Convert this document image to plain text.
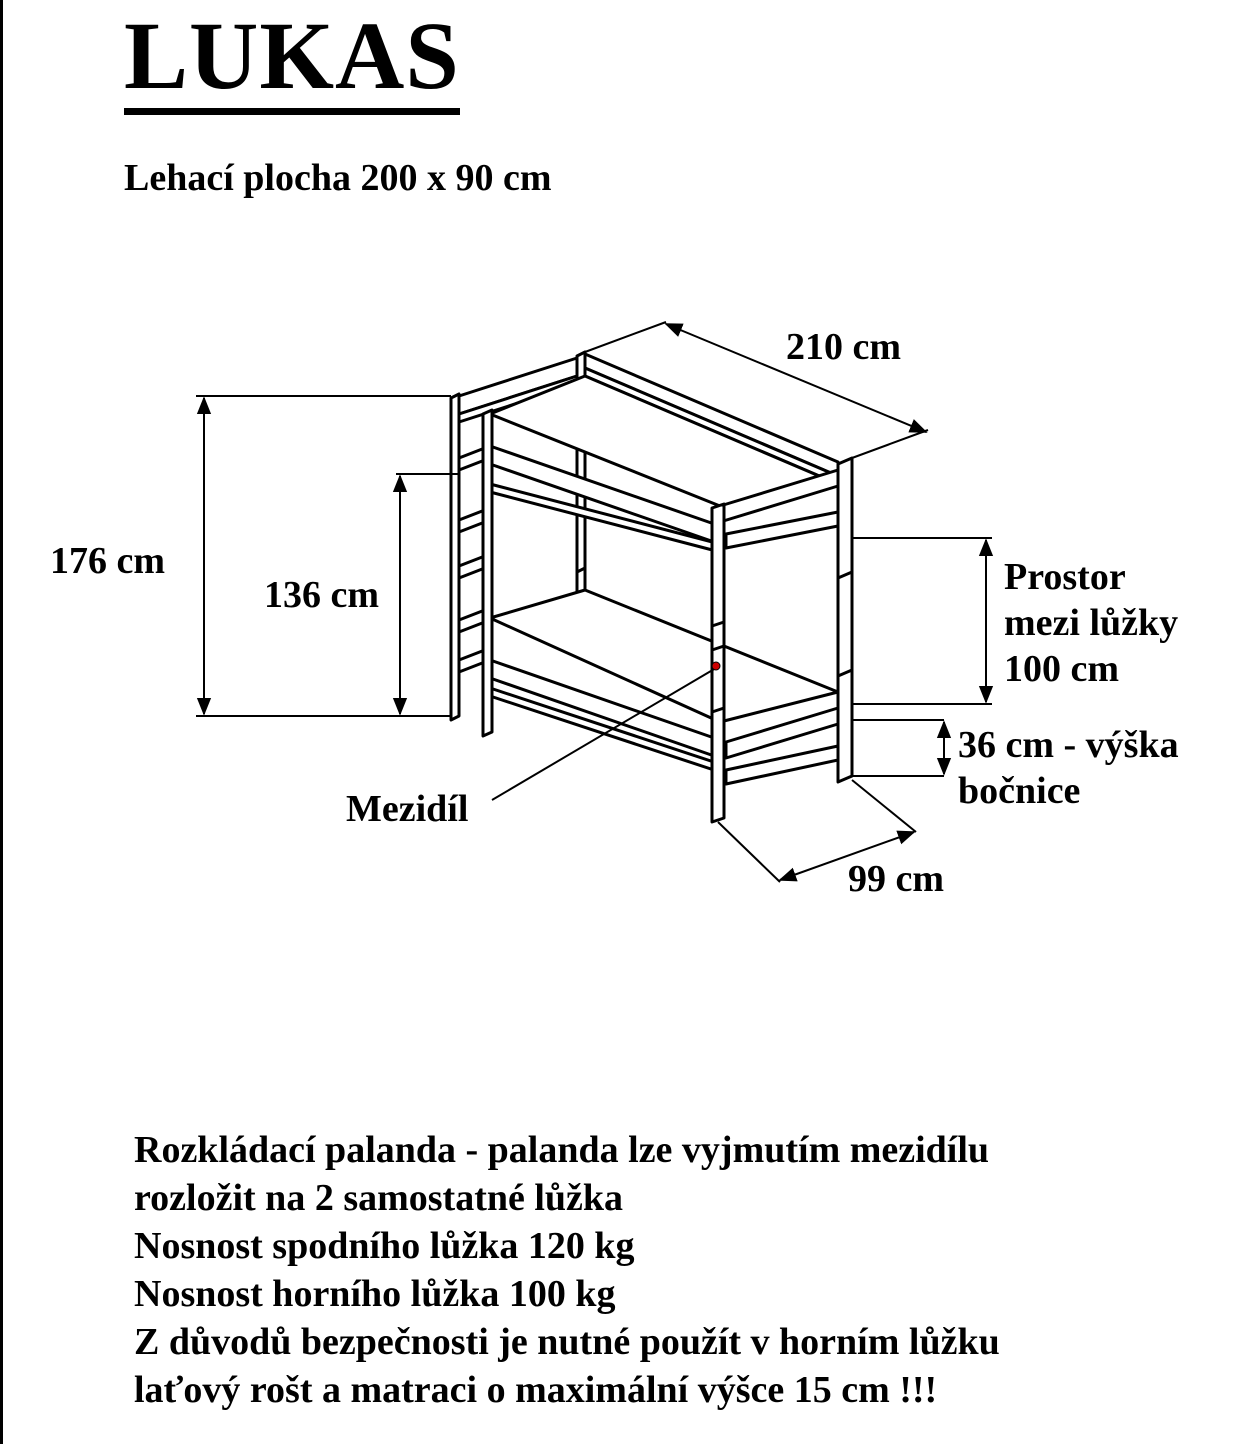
LUKAS
Lehací plocha 200 x 90 cm
210 cm
176 cm
136 cm	Prostor
mezi lůžky
100 cm
36 cm - výška
bočnice
Mezidíl
99 cm
Rozkládací palanda - palanda lze vyjmutím mezidílu
rozložit na 2 samostatné lůžka
Nosnost spodního lůžka 120 kg
Nosnost horního lůžka 100 kg
Z důvodů bezpečnosti je nutné použít v horním lůžku
laťový rošt a matraci o maximální výšce 15 cm !!!
